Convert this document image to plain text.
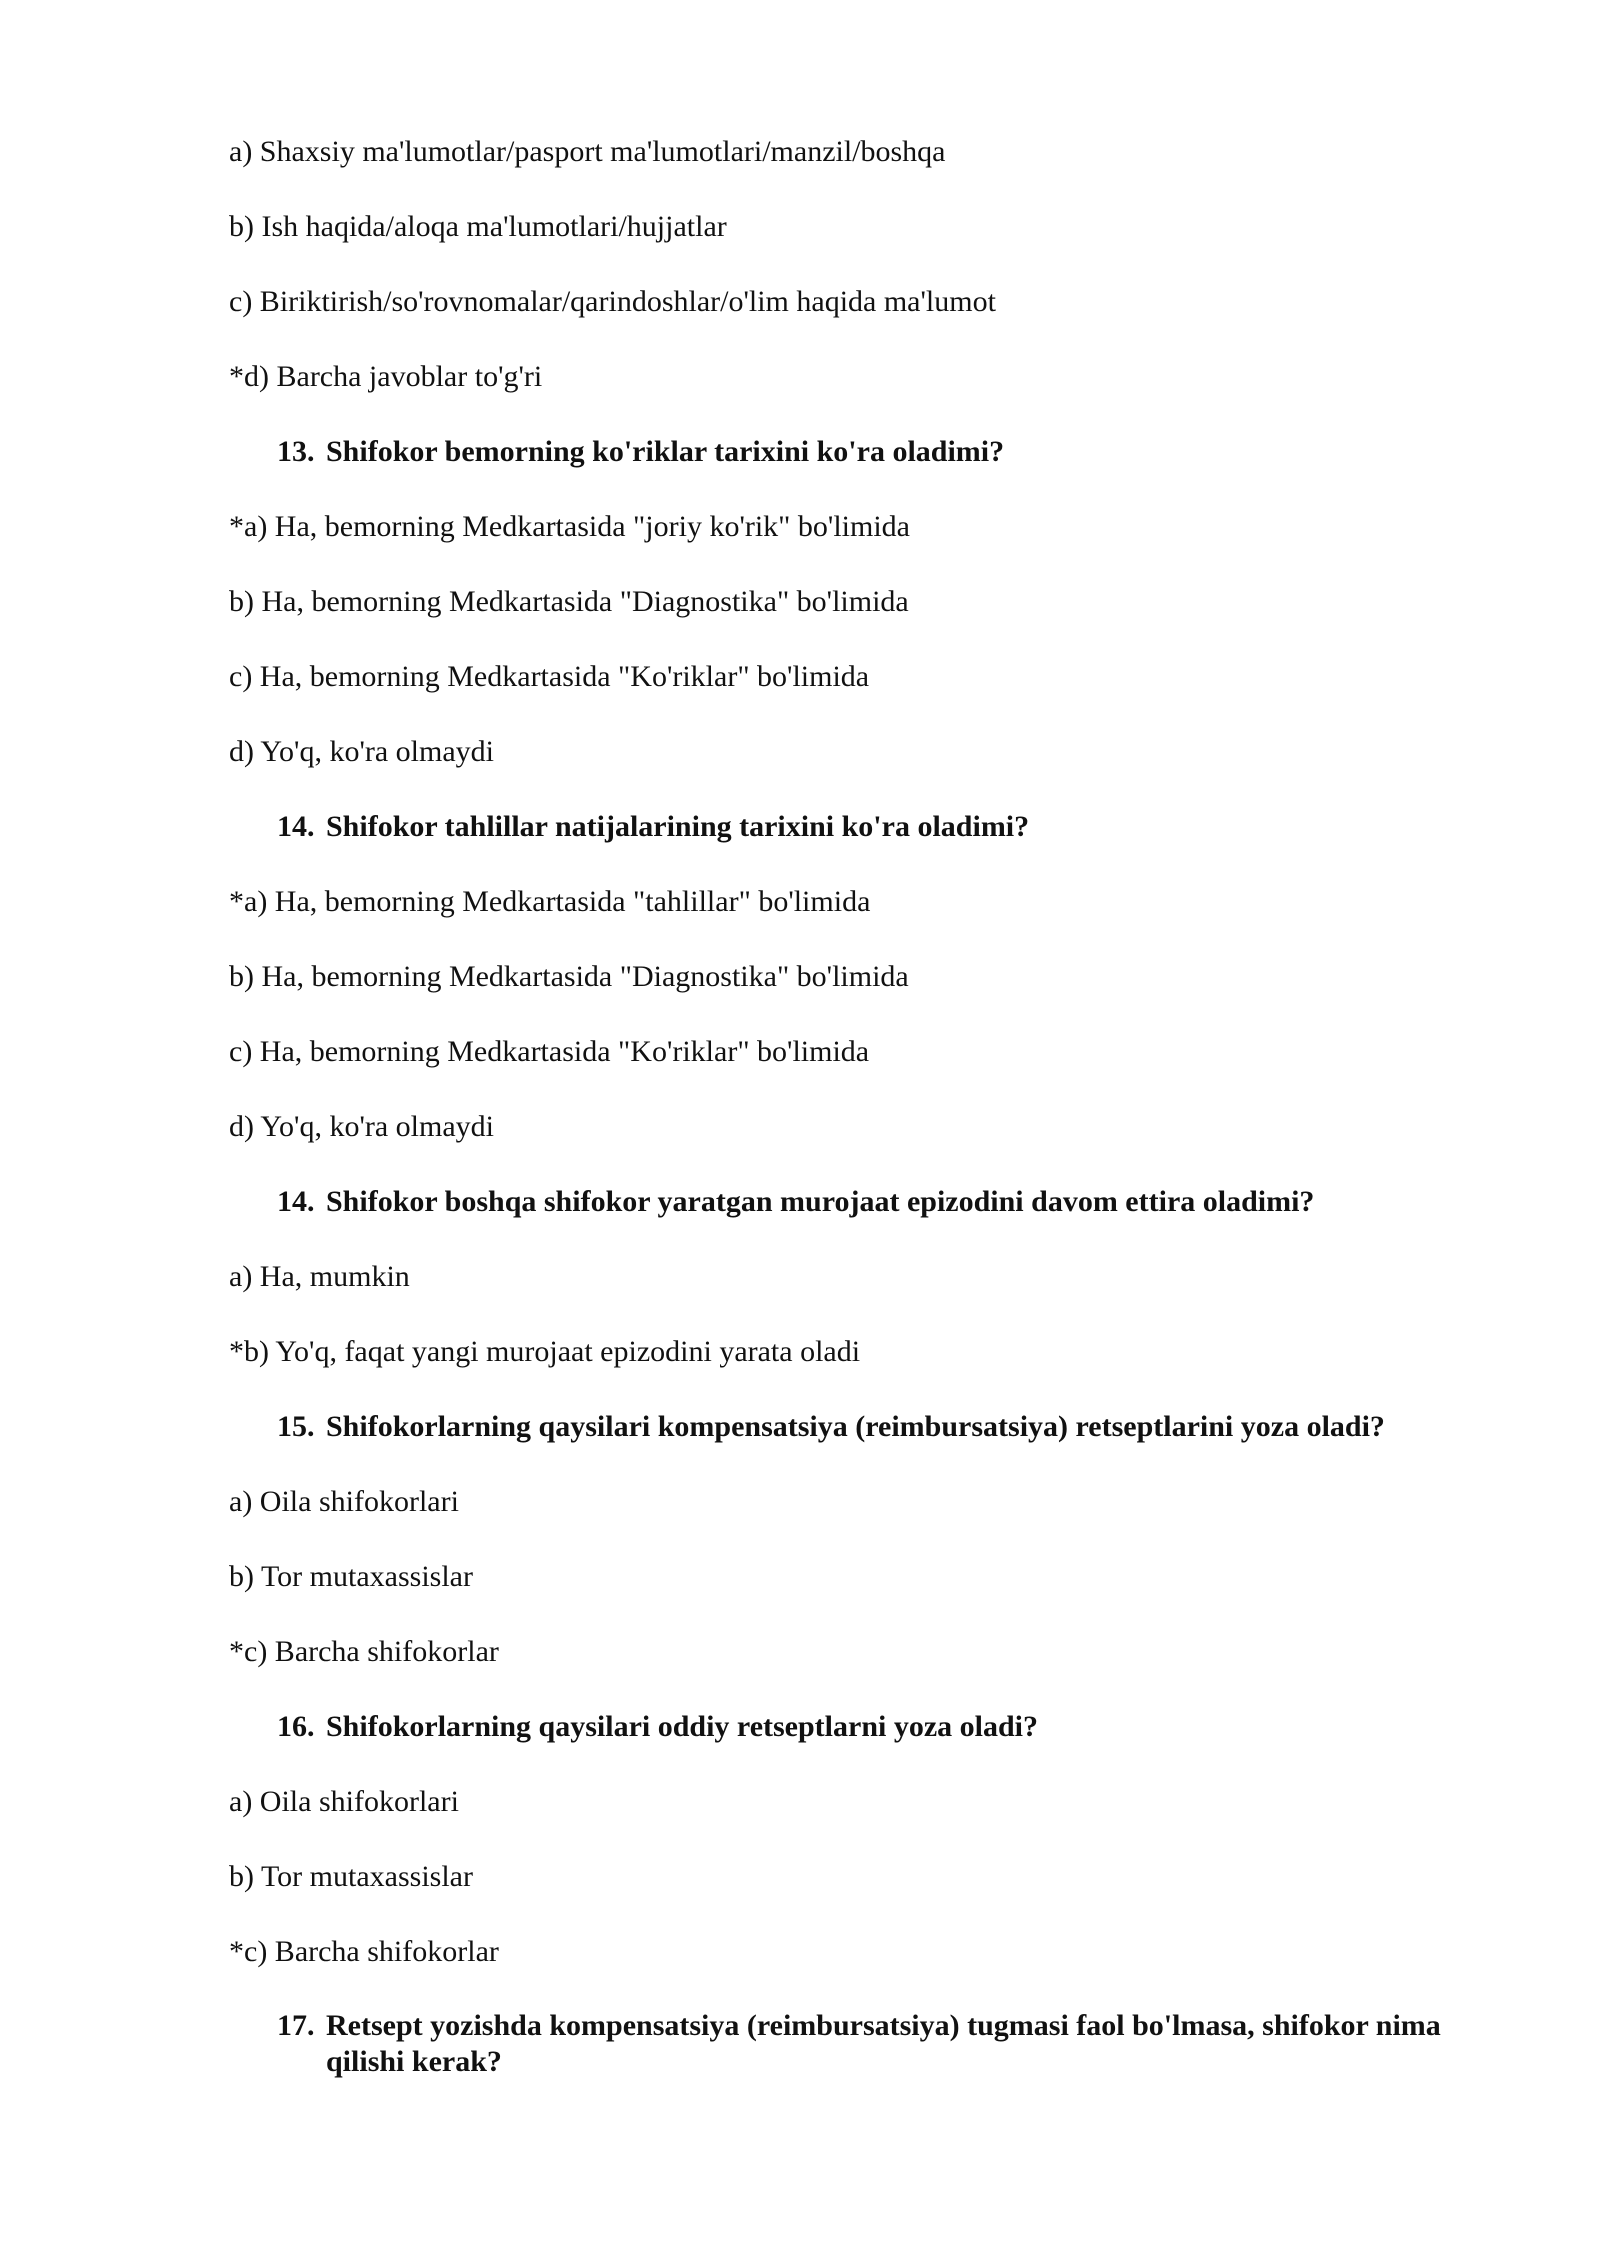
a) Shaxsiy ma'lumotlar/pasport ma'lumotlari/manzil/boshqa
b) Ish haqida/aloqa ma'lumotlari/hujjatlar
c) Biriktirish/so'rovnomalar/qarindoshlar/o'lim haqida ma'lumot
*d) Barcha javoblar to'g'ri
13. Shifokor bemorning ko'riklar tarixini ko'ra oladimi?
*a) Ha, bemorning Medkartasida "joriy ko'rik" bo'limida
b) Ha, bemorning Medkartasida "Diagnostika" bo'limida
c) Ha, bemorning Medkartasida "Ko'riklar" bo'limida
d) Yo'q, ko'ra olmaydi
14. Shifokor tahlillar natijalarining tarixini ko'ra oladimi?
*a) Ha, bemorning Medkartasida "tahlillar" bo'limida
b) Ha, bemorning Medkartasida "Diagnostika" bo'limida
c) Ha, bemorning Medkartasida "Ko'riklar" bo'limida
d) Yo'q, ko'ra olmaydi
14. Shifokor boshqa shifokor yaratgan murojaat epizodini davom ettira oladimi?
a) Ha, mumkin
*b) Yo'q, faqat yangi murojaat epizodini yarata oladi
15. Shifokorlarning qaysilari kompensatsiya (reimbursatsiya) retseptlarini yoza oladi?
a) Oila shifokorlari
b) Tor mutaxassislar
*c) Barcha shifokorlar
16. Shifokorlarning qaysilari oddiy retseptlarni yoza oladi?
a) Oila shifokorlari
b) Tor mutaxassislar
*c) Barcha shifokorlar
17. Retsept yozishda kompensatsiya (reimbursatsiya) tugmasi faol bo'lmasa, shifokor nima qilishi kerak?
